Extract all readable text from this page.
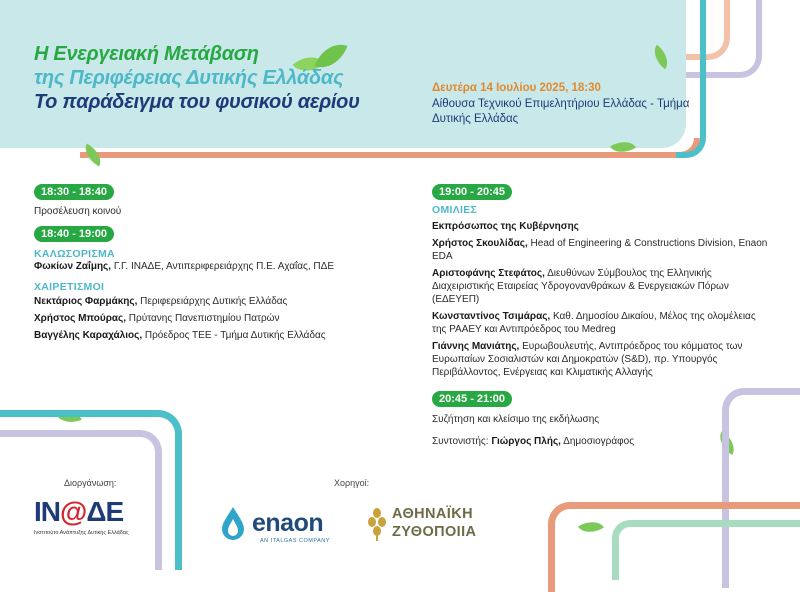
Η Ενεργειακή Μετάβαση
της Περιφέρειας Δυτικής Ελλάδας
Το παράδειγμα του φυσικού αερίου
Δευτέρα 14 Ιουλίου 2025, 18:30
Αίθουσα Τεχνικού Επιμελητήριου Ελλάδας - Τμήμα Δυτικής Ελλάδας
18:30 - 18:40
Προσέλευση κοινού
18:40 - 19:00
ΚΑΛΩΣΟΡΙΣΜΑ
Φωκίων Ζαΐμης, Γ.Γ. ΙΝΑΔΕ, Αντιπεριφερειάρχης Π.Ε. Αχαΐας, ΠΔΕ
ΧΑΙΡΕΤΙΣΜΟΙ
Νεκτάριος Φαρμάκης, Περιφερειάρχης Δυτικής Ελλάδας
Χρήστος Μπούρας, Πρύτανης Πανεπιστημίου Πατρών
Βαγγέλης Καραχάλιος, Πρόεδρος ΤΕΕ - Τμήμα Δυτικής Ελλάδας
19:00 - 20:45
ΟΜΙΛΙΕΣ
Εκπρόσωπος της Κυβέρνησης
Χρήστος Σκουλίδας, Head of Engineering & Constructions Division, Enaon EDA
Αριστοφάνης Στεφάτος, Διευθύνων Σύμβουλος της Ελληνικής Διαχειριστικής Εταιρείας Υδρογονανθράκων & Ενεργειακών Πόρων (ΕΔΕΥΕΠ)
Κωνσταντίνος Τσιμάρας, Καθ. Δημοσίου Δικαίου, Μέλος της ολομέλειας της ΡΑΑΕΥ και Αντιπρόεδρος του Medreg
Γιάννης Μανιάτης, Ευρωβουλευτής, Αντιπρόεδρος του κόμματος των Ευρωπαίων Σοσιαλιστών και Δημοκρατών (S&D), πρ. Υπουργός Περιβάλλοντος, Ενέργειας και Κλιματικής Αλλαγής
20:45 - 21:00
Συζήτηση και κλείσιμο της εκδήλωσης
Συντονιστής: Γιώργος Πλής, Δημοσιογράφος
Διοργάνωση:	Χορηγοί:
ΙΝ@ΔΕ
Ινστιτούτο Ανάπτυξης Δυτικής Ελλάδας	enaon
AN ITALGAS COMPANY
ΑΘΗΝΑΪΚΗ
ΖΥΘΟΠΟΙΙΑ
